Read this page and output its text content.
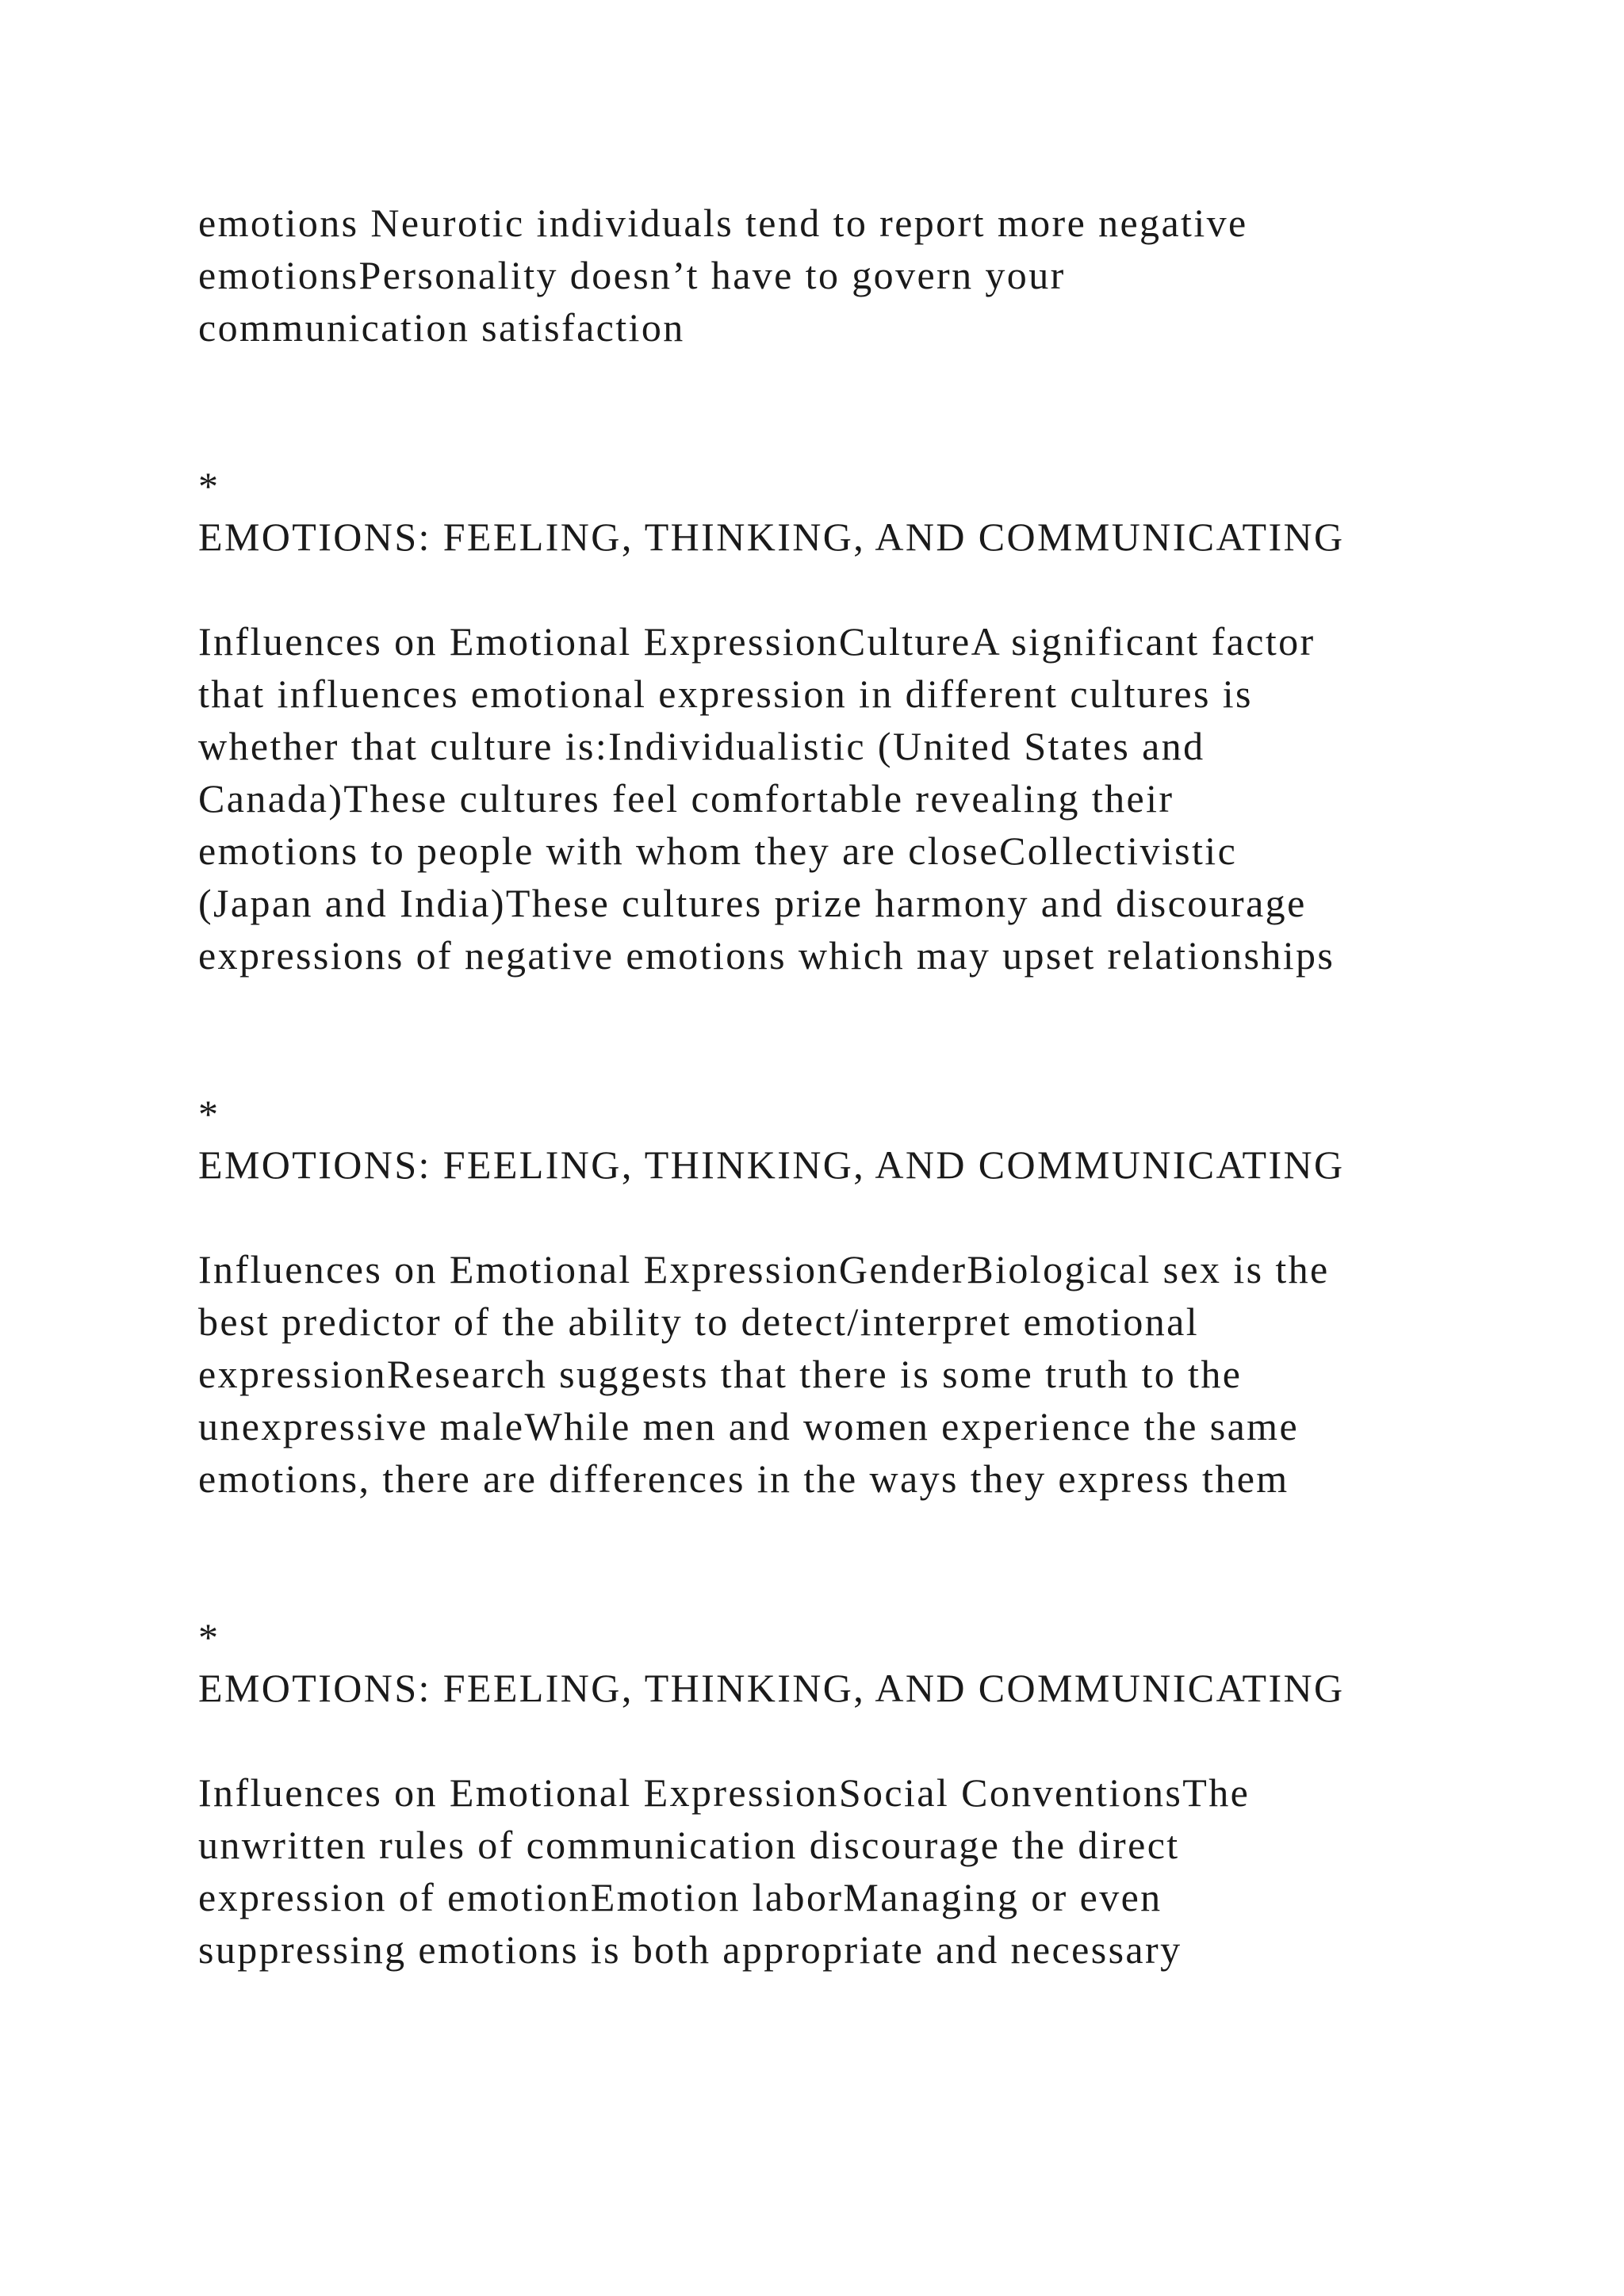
emotions Neurotic individuals tend to report more negative
emotionsPersonality doesn’t have to govern your
communication satisfaction
*
EMOTIONS: FEELING, THINKING, AND COMMUNICATING
Influences on Emotional ExpressionCultureA significant factor
that influences emotional expression in different cultures is
whether that culture is:Individualistic (United States and
Canada)These cultures feel comfortable revealing their
emotions to people with whom they are closeCollectivistic
(Japan and India)These cultures prize harmony and discourage
expressions of negative emotions which may upset relationships
*
EMOTIONS: FEELING, THINKING, AND COMMUNICATING
Influences on Emotional ExpressionGenderBiological sex is the
best predictor of the ability to detect/interpret emotional
expressionResearch suggests that there is some truth to the
unexpressive maleWhile men and women experience the same
emotions, there are differences in the ways they express them
*
EMOTIONS: FEELING, THINKING, AND COMMUNICATING
Influences on Emotional ExpressionSocial ConventionsThe
unwritten rules of communication discourage the direct
expression of emotionEmotion laborManaging or even
suppressing emotions is both appropriate and necessary
